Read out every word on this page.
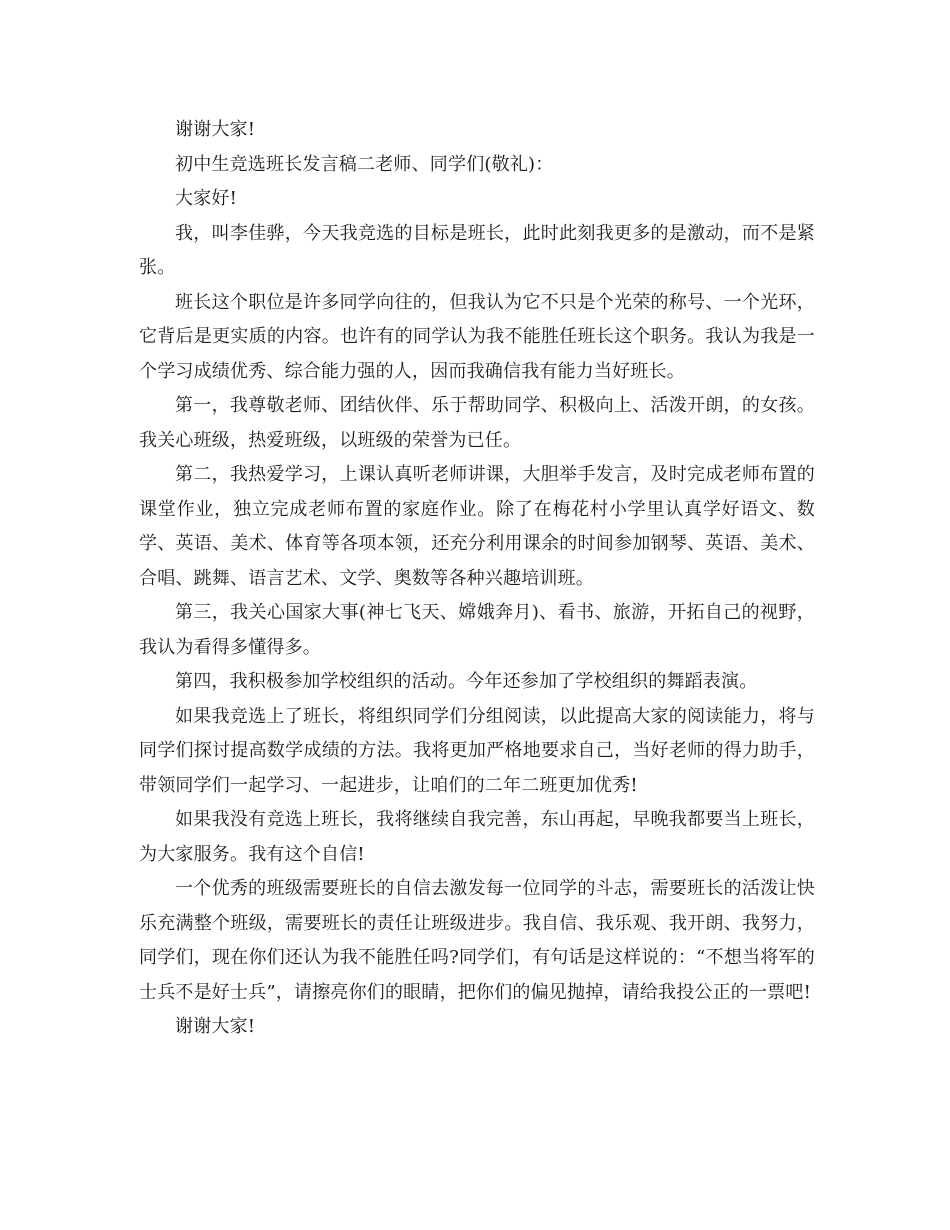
谢谢大家!

初中生竞选班长发言稿二老师、同学们(敬礼)：

大家好!

我，叫李佳骅，今天我竞选的目标是班长，此时此刻我更多的是激动，而不是紧张。

班长这个职位是许多同学向往的，但我认为它不只是个光荣的称号、一个光环，它背后是更实质的内容。也许有的同学认为我不能胜任班长这个职务。我认为我是一个学习成绩优秀、综合能力强的人，因而我确信我有能力当好班长。

第一，我尊敬老师、团结伙伴、乐于帮助同学、积极向上、活泼开朗，的女孩。我关心班级，热爱班级，以班级的荣誉为已任。

第二，我热爱学习，上课认真听老师讲课，大胆举手发言，及时完成老师布置的课堂作业，独立完成老师布置的家庭作业。除了在梅花村小学里认真学好语文、数学、英语、美术、体育等各项本领，还充分利用课余的时间参加钢琴、英语、美术、合唱、跳舞、语言艺术、文学、奥数等各种兴趣培训班。

第三，我关心国家大事(神七飞天、嫦娥奔月)、看书、旅游，开拓自己的视野，我认为看得多懂得多。

第四，我积极参加学校组织的活动。今年还参加了学校组织的舞蹈表演。

如果我竞选上了班长，将组织同学们分组阅读，以此提高大家的阅读能力，将与同学们探讨提高数学成绩的方法。我将更加严格地要求自己，当好老师的得力助手，带领同学们一起学习、一起进步，让咱们的二年二班更加优秀!

如果我没有竞选上班长，我将继续自我完善，东山再起，早晚我都要当上班长，为大家服务。我有这个自信!

一个优秀的班级需要班长的自信去激发每一位同学的斗志，需要班长的活泼让快乐充满整个班级，需要班长的责任让班级进步。我自信、我乐观、我开朗、我努力，同学们，现在你们还认为我不能胜任吗?同学们，有句话是这样说的：“不想当将军的士兵不是好士兵”，请擦亮你们的眼睛，把你们的偏见抛掉，请给我投公正的一票吧!

谢谢大家!
